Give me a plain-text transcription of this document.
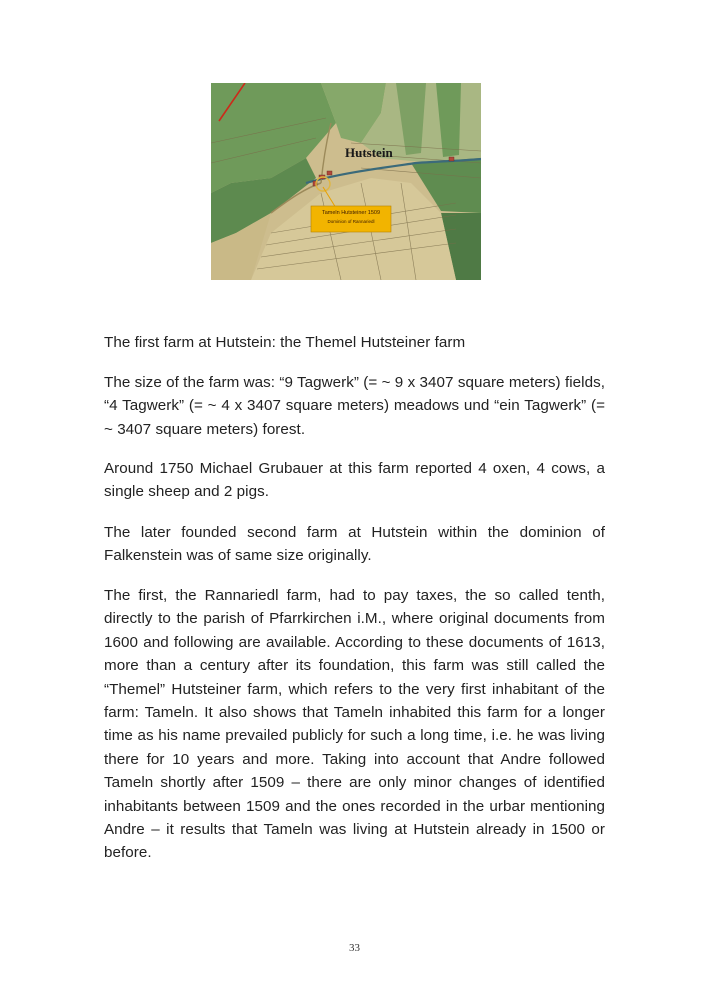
Hutstein
Tameln Hutsteiner 1509
Dominion of Rannariedl

The first farm at Hutstein: the Themel Hutsteiner farm

The size of the farm was: “9 Tagwerk” (= ~ 9 x 3407 square meters) fields, “4 Tagwerk” (= ~ 4 x 3407 square meters) meadows und “ein Tagwerk” (= ~ 3407 square meters) forest.

Around 1750 Michael Grubauer at this farm reported 4 oxen, 4 cows, a single sheep and 2 pigs.

The later founded second farm at Hutstein within the dominion of Falkenstein was of same size originally.

The first, the Rannariedl farm, had to pay taxes, the so called tenth, directly to the parish of Pfarrkirchen i.M., where original documents from 1600 and following are available. According to these documents of 1613, more than a century after its foundation, this farm was still called the “Themel” Hutsteiner farm, which refers to the very first inhabitant of the farm: Tameln. It also shows that Tameln inhabited this farm for a longer time as his name prevailed publicly for such a long time, i.e. he was living there for 10 years and more. Taking into account that Andre followed Tameln shortly after 1509 – there are only minor changes of identified inhabitants between 1509 and the ones recorded in the urbar mentioning Andre – it results that Tameln was living at Hutstein already in 1500 or before.

33
